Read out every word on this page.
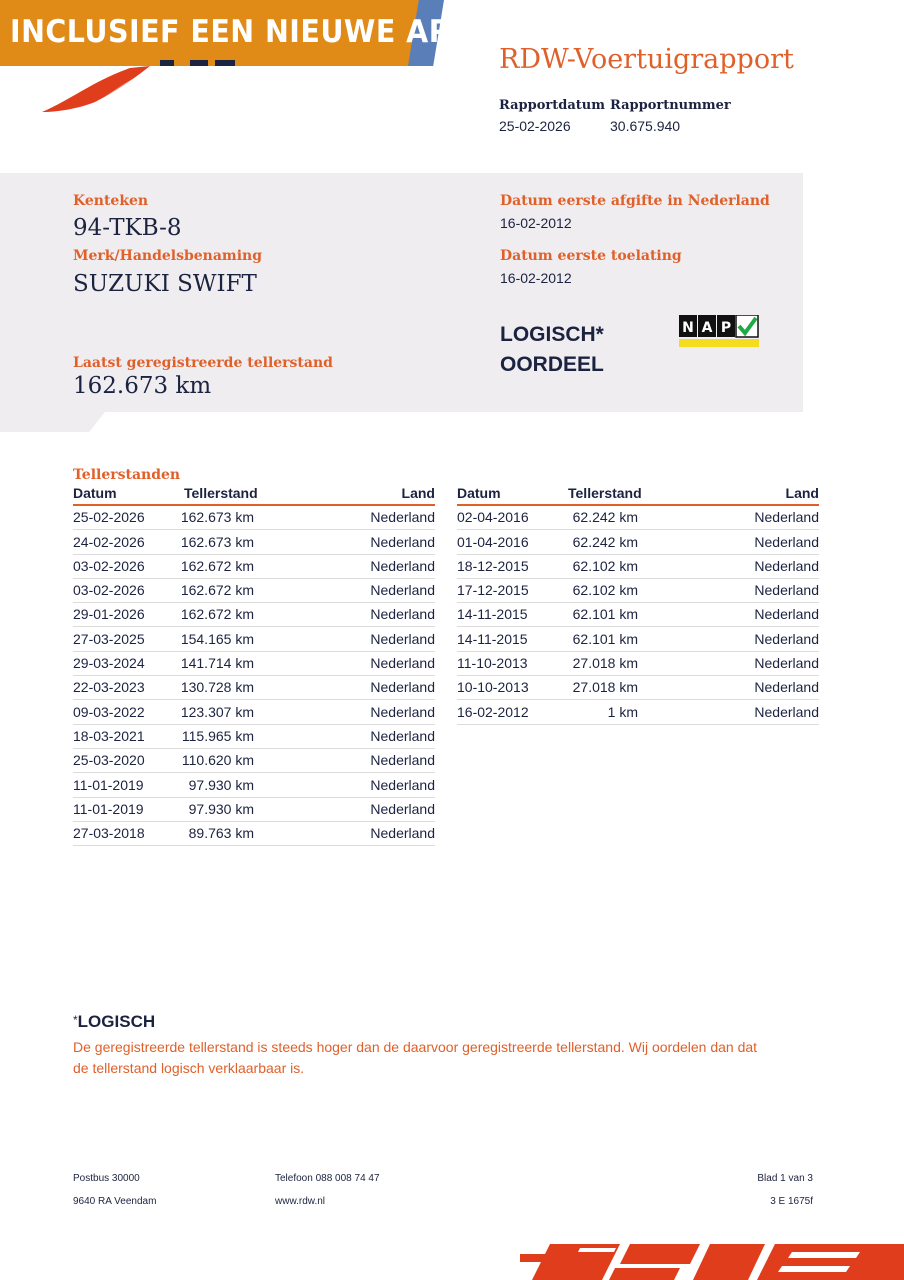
INCLUSIEF EEN NIEUWE APK
RDW-Voertuigrapport
Rapportdatum Rapportnummer
25-02-2026	30.675.940
Kenteken
94-TKB-8
Merk/Handelsbenaming
SUZUKI SWIFT
Laatst geregistreerde tellerstand
162.673 km
Datum eerste afgifte in Nederland
16-02-2012
Datum eerste toelating
16-02-2012
LOGISCH*
OORDEEL
N A P
Tellerstanden
Datum	Tellerstand	Land
25-02-2026	162.673 km	Nederland
24-02-2026	162.673 km	Nederland
03-02-2026	162.672 km	Nederland
03-02-2026	162.672 km	Nederland
29-01-2026	162.672 km	Nederland
27-03-2025	154.165 km	Nederland
29-03-2024	141.714 km	Nederland
22-03-2023	130.728 km	Nederland
09-03-2022	123.307 km	Nederland
18-03-2021	115.965 km	Nederland
25-03-2020	110.620 km	Nederland
11-01-2019	97.930 km	Nederland
11-01-2019	97.930 km	Nederland
27-03-2018	89.763 km	Nederland
Datum	Tellerstand	Land
02-04-2016	62.242 km	Nederland
01-04-2016	62.242 km	Nederland
18-12-2015	62.102 km	Nederland
17-12-2015	62.102 km	Nederland
14-11-2015	62.101 km	Nederland
14-11-2015	62.101 km	Nederland
11-10-2013	27.018 km	Nederland
10-10-2013	27.018 km	Nederland
16-02-2012	1 km	Nederland
*LOGISCH
De geregistreerde tellerstand is steeds hoger dan de daarvoor geregistreerde tellerstand. Wij oordelen dan dat de tellerstand logisch verklaarbaar is.
Postbus 30000
9640 RA Veendam
Telefoon 088 008 74 47
www.rdw.nl
Blad 1 van 3
3 E 1675f
